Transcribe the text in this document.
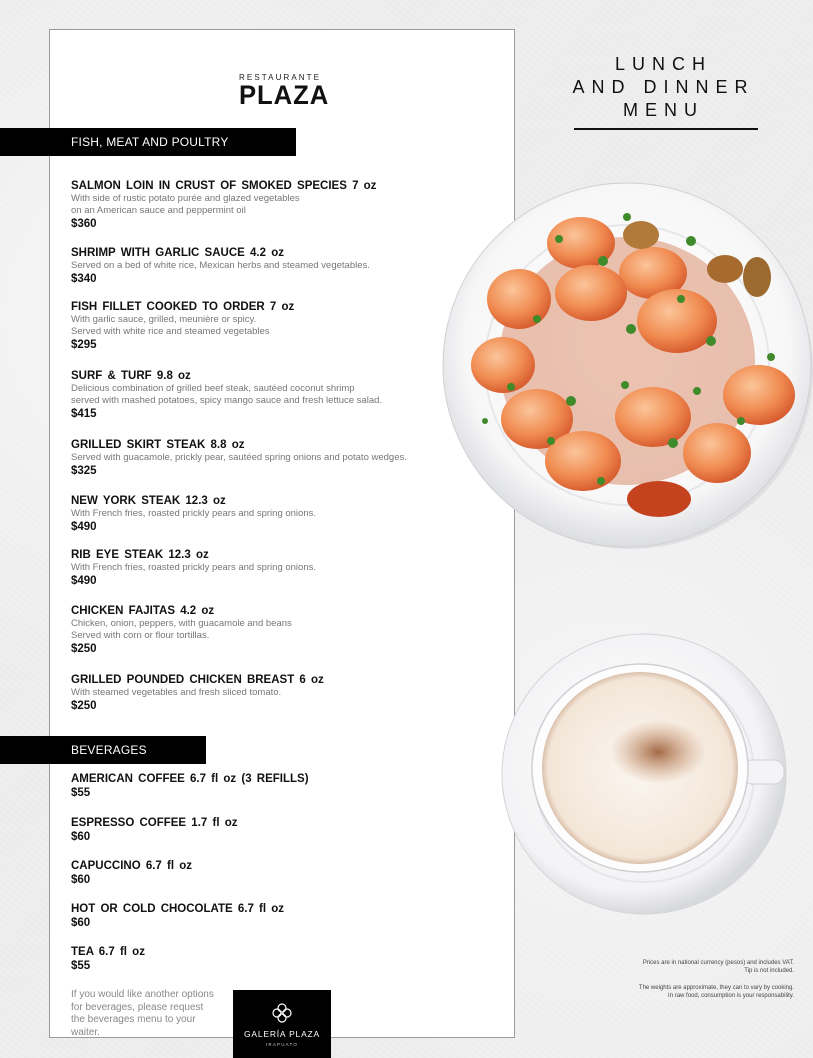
RESTAURANTE
PLAZA
FISH, MEAT AND POULTRY
SALMON LOIN IN CRUST OF SMOKED SPECIES 7 oz
With side of rustic potato purée and glazed vegetables
on an American sauce and peppermint oil
$360
SHRIMP WITH GARLIC SAUCE 4.2 oz
Served on a bed of white rice, Mexican herbs and steamed vegetables.
$340
FISH FILLET COOKED TO ORDER 7 oz
With garlic sauce, grilled, meunière or spicy.
Served with white rice and steamed vegetables
$295
SURF & TURF 9.8 oz
Delicious combination of grilled beef steak, sautéed coconut shrimp
served with mashed potatoes, spicy mango sauce and fresh lettuce salad.
$415
GRILLED SKIRT STEAK 8.8 oz
Served with guacamole, prickly pear, sautéed spring onions and potato wedges.
$325
NEW YORK STEAK 12.3 oz
With French fries, roasted prickly pears and spring onions.
$490
RIB EYE STEAK 12.3 oz
With French fries, roasted prickly pears and spring onions.
$490
CHICKEN FAJITAS 4.2 oz
Chicken, onion, peppers, with guacamole and beans
Served with corn or flour tortillas.
$250
GRILLED POUNDED CHICKEN BREAST 6 oz
With steamed vegetables and fresh sliced tomato.
$250
BEVERAGES
AMERICAN COFFEE 6.7 fl oz (3 REFILLS)
$55
ESPRESSO COFFEE 1.7 fl oz
$60
CAPUCCINO 6.7 fl oz
$60
HOT OR COLD CHOCOLATE 6.7 fl oz
$60
TEA 6.7 fl oz
$55
If you would like another options
for beverages, please request
the beverages menu to your
waiter.	GALERÍA PLAZA
IRAPUATO
LUNCH
AND DINNER
MENU
Prices are in national currency (pesos) and includes VAT.
Tip is not included.
The weights are approximate, they can to vary by cooking.
In raw food, consumption is your responsability.
